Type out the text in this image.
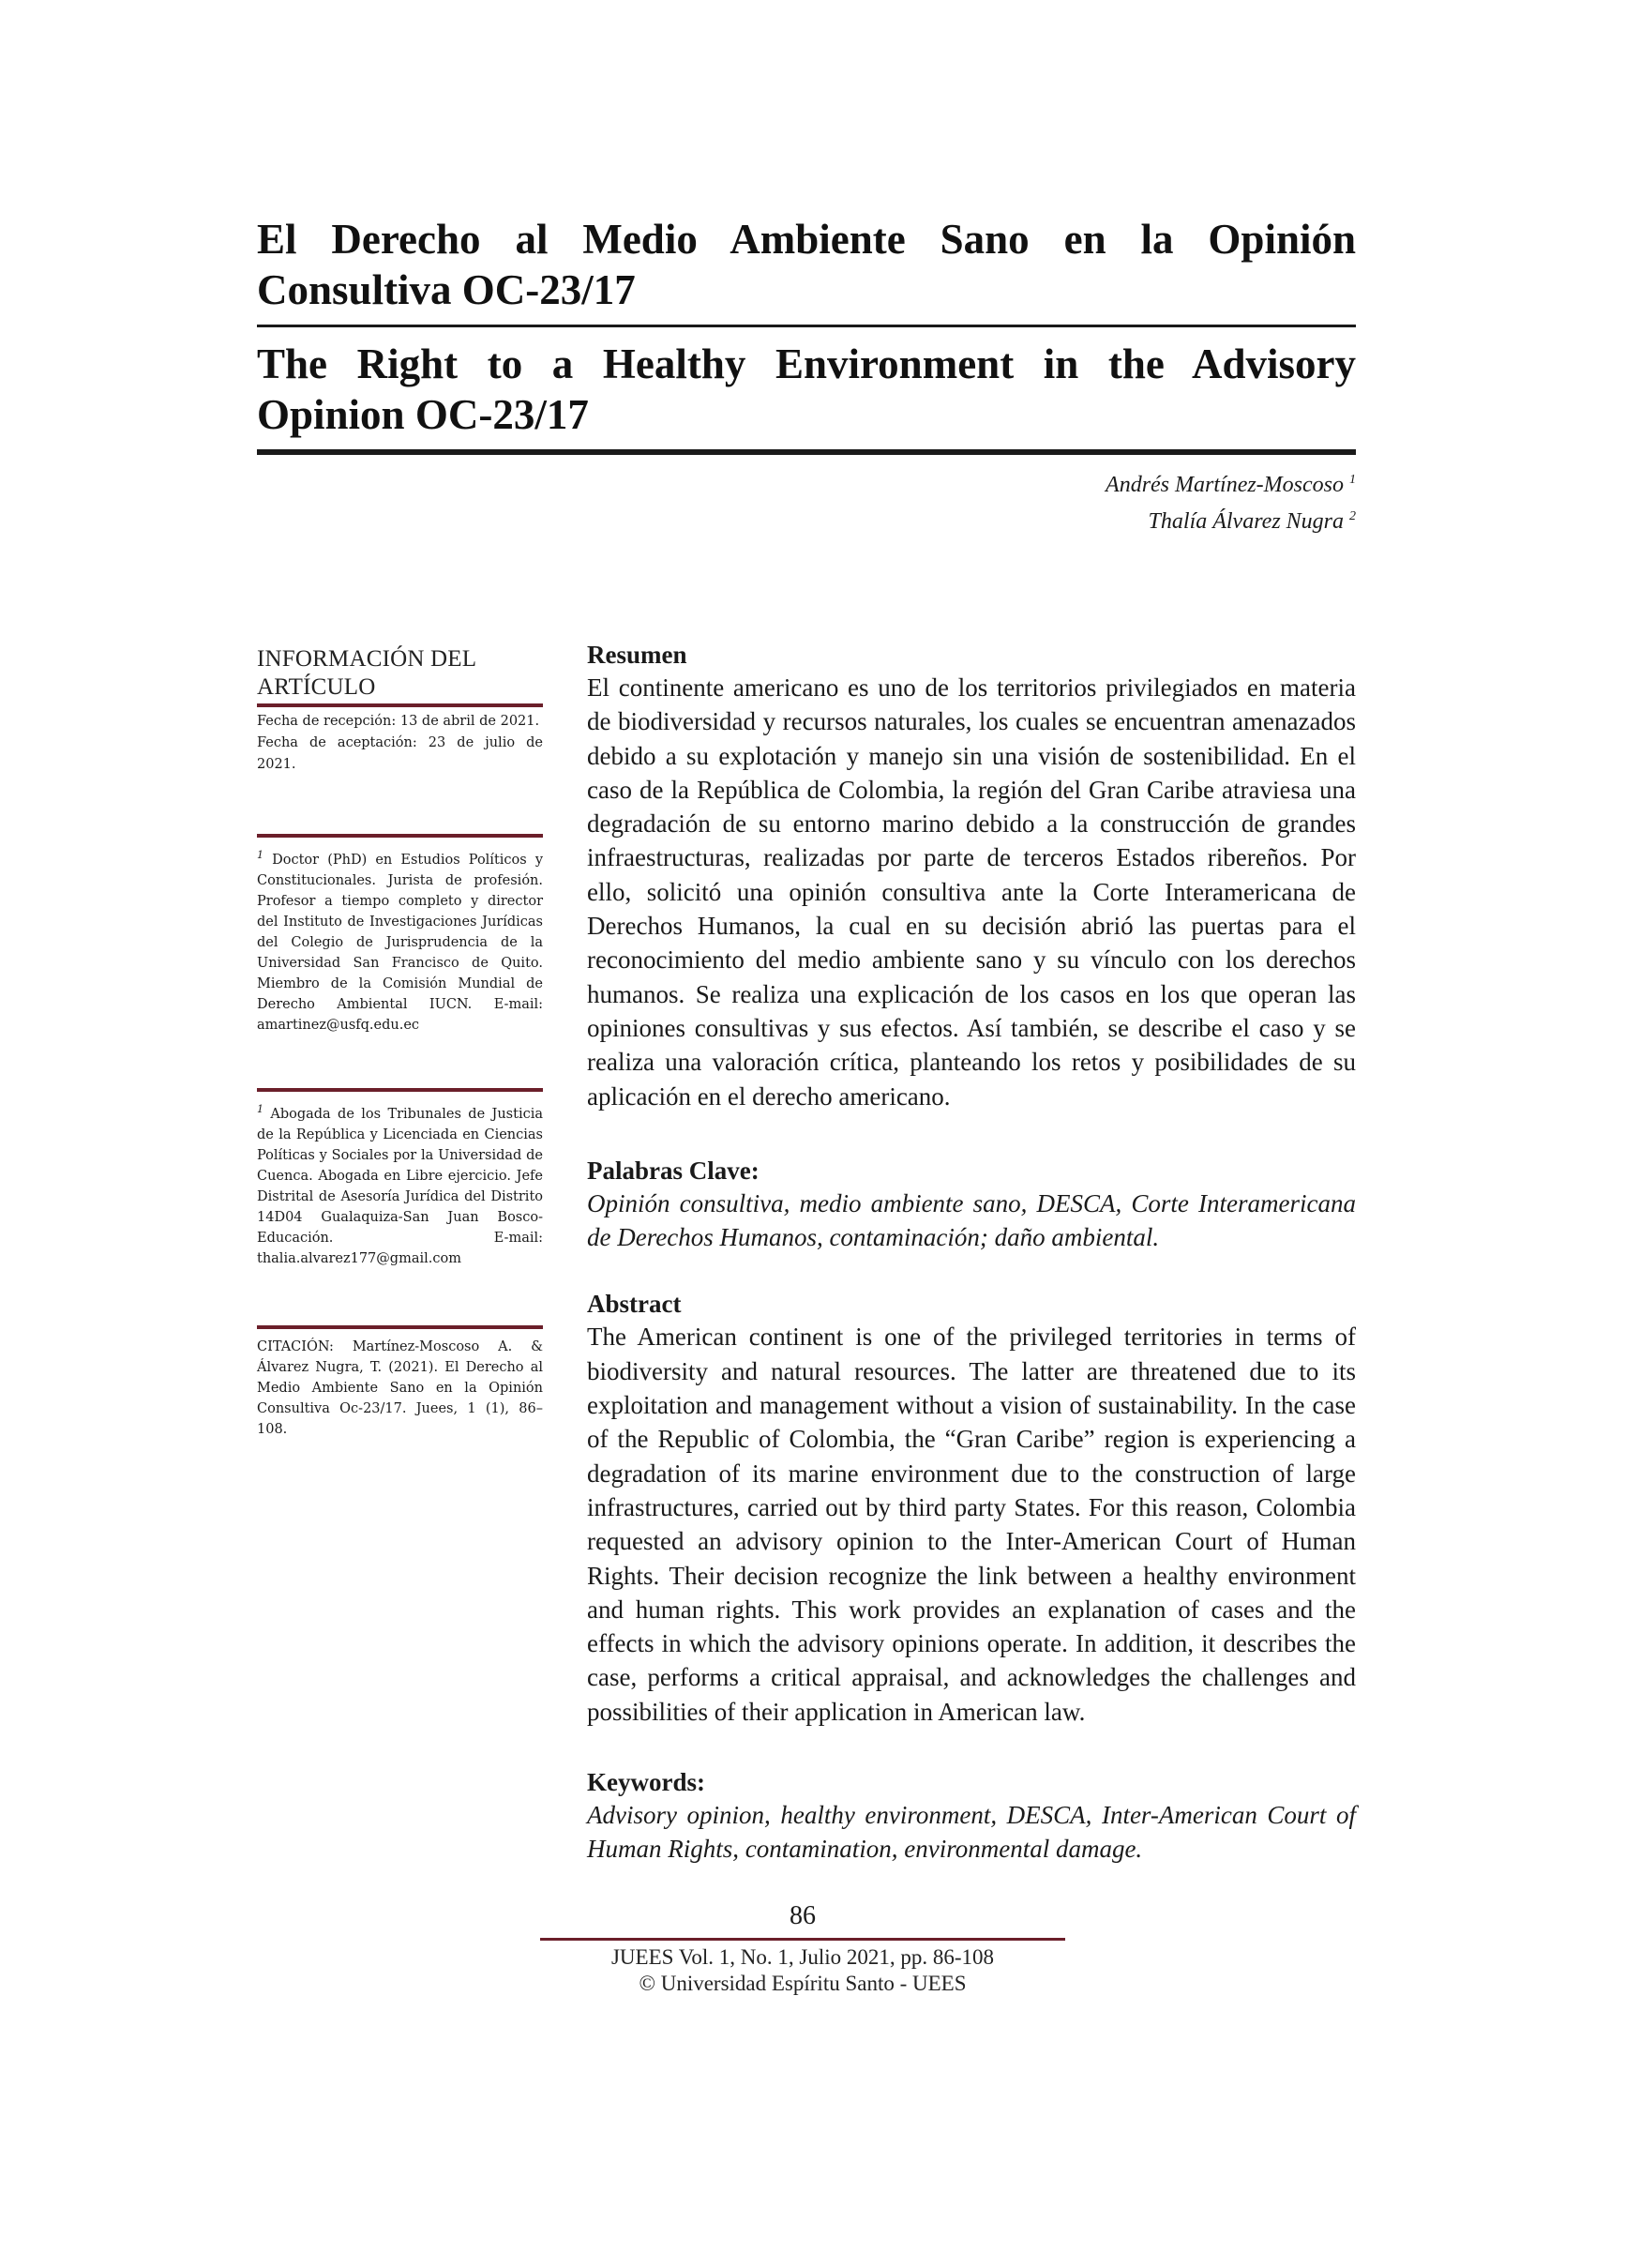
El Derecho al Medio Ambiente Sano en la Opinión Consultiva OC-23/17
The Right to a Healthy Environment in the Advisory Opinion OC-23/17
Andrés Martínez-Moscoso $^1$
Thalía Álvarez Nugra $^2$
INFORMACIÓN DEL ARTÍCULO
Fecha de recepción: 13 de abril de 2021.
Fecha de aceptación: 23 de julio de 2021.
$^1$ Doctor (PhD) en Estudios Políticos y Constitucionales. Jurista de profesión. Profesor a tiempo completo y director del Instituto de Investigaciones Jurídicas del Colegio de Jurisprudencia de la Universidad San Francisco de Quito. Miembro de la Comisión Mundial de Derecho Ambiental IUCN. E-mail: amartinez@usfq.edu.ec
$^1$ Abogada de los Tribunales de Justicia de la República y Licenciada en Ciencias Políticas y Sociales por la Universidad de Cuenca. Abogada en Libre ejercicio. Jefe Distrital de Asesoría Jurídica del Distrito 14D04 Gualaquiza-San Juan Bosco-Educación. E-mail: thalia.alvarez177@gmail.com
CITACIÓN: Martínez-Moscoso A. & Álvarez Nugra, T. (2021). El Derecho al Medio Ambiente Sano en la Opinión Consultiva Oc-23/17. Juees, 1 (1), 86–108.
Resumen

El continente americano es uno de los territorios privilegiados en materia de biodiversidad y recursos naturales, los cuales se encuentran amenazados debido a su explotación y manejo sin una visión de sostenibilidad. En el caso de la República de Colombia, la región del Gran Caribe atraviesa una degradación de su entorno marino debido a la construcción de grandes infraestructuras, realizadas por parte de terceros Estados ribereños. Por ello, solicitó una opinión consultiva ante la Corte Interamericana de Derechos Humanos, la cual en su decisión abrió las puertas para el reconocimiento del medio ambiente sano y su vínculo con los derechos humanos. Se realiza una explicación de los casos en los que operan las opiniones consultivas y sus efectos. Así también, se describe el caso y se realiza una valoración crítica, planteando los retos y posibilidades de su aplicación en el derecho americano.

Palabras Clave:

Opinión consultiva, medio ambiente sano, DESCA, Corte Interamericana de Derechos Humanos, contaminación; daño ambiental.

Abstract

The American continent is one of the privileged territories in terms of biodiversity and natural resources. The latter are threatened due to its exploitation and management without a vision of sustainability. In the case of the Republic of Colombia, the “Gran Caribe” region is experiencing a degradation of its marine environment due to the construction of large infrastructures, carried out by third party States. For this reason, Colombia requested an advisory opinion to the Inter-American Court of Human Rights. Their decision recognize the link between a healthy environment and human rights. This work provides an explanation of cases and the effects in which the advisory opinions operate. In addition, it describes the case, performs a critical appraisal, and acknowledges the challenges and possibilities of their application in American law.

Keywords:

Advisory opinion, healthy environment, DESCA, Inter-American Court of Human Rights, contamination, environmental damage.

86
JUEES Vol. 1, No. 1, Julio 2021, pp. 86-108
© Universidad Espíritu Santo - UEES
